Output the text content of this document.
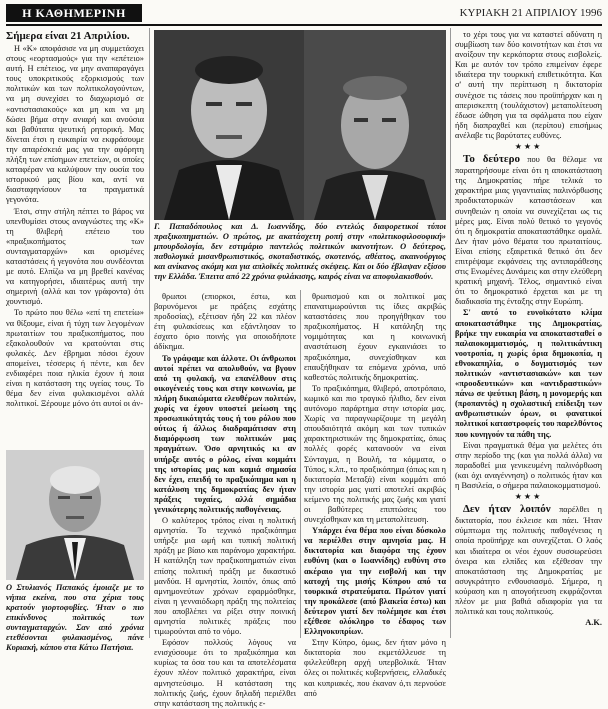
Η ΚΑΘΗΜΕΡΙΝΗ	ΚΥΡΙΑΚΗ 21 ΑΠΡΙΛΙΟΥ 1996

Σήμερα είναι 21 Απριλίου.

Η «Κ» αποφάσισε να μη συμμετάσχει στους «εορτασμούς» για την «επέτειο» αυτή. Η επέτειος, να μην αναπαραγάγει τους υποκριτικούς εξορκισμούς των πολιτικών και των πολιτικολογούντων, να μη συνεχίσει το διαχωρισμό σε «αντιστασιακούς» και μη και να μη δώσει βήμα στην ανιαρή και ανούσια και βαθύτατα ψευτική ρητορική. Μας δίνεται έτσι η ευκαιρία να εκφράσουμε την απαρέσκειά μας για την αφόρητη πλήξη των επίσημων επετείων, οι οποίες καταφέραν να καλύψουν την ουσία του ιστορικού μας βίου και, αντί να διασταφηνίσουν τα πραγματικά γεγονότα.

Έτσι, στην στήλη πέπτει το βάρος να υπενθυμίσει στους αναγνώστες της «Κ» τη θλιβερή επέτειο του «πραξικοπήματος των συνταγματαρχών» και ορισμένες καταστάσεις ή γεγονότα που συνδέονται με αυτό. Ελπίζω να μη βρεθεί κανένας να κατηγορήσει, ιδιαιτέρως αυτή την σημερινή (αλλά και τον γράφοντα) ότι χουντισμό.

Το πρώτο που θέλω «επί τη επετείω» να θίξουμε, είναι ή τύχη των λεγομένων πρωταιτίων του πραξικοπήματος, που εξακολουθούν να κρατούνται στις φυλακές. Δεν έβρημαι πόσοι έχουν απομείνει, τέσσερις ή πέντε, και δεν ενδιαφέρει ποια ηλικία έχουν ή ποια είναι η κατάσταση της υγείας τους. Το θέμα δεν είναι φυλακισμένοι αλλά πολιτικοί. Ξέρουμε μόνο ότι αυτοί οι άν-

Ο Στυλιανός Παπακός έμοιαζε με το νήπια εκείνα, που στα χέρια τους κρατούν γιορτοφυβίες. Ήταν ο πιο επικίνδυνος πολιτικός των συνταγματαρχών. Σαν από χρόνια ετεθέσονται φυλακισμένος, πάνε Κυριακή, κάπου στα Κάτω Πατήσια.
Γ. Παπαδόπουλος και Δ. Ιωαννίδης, δύο εντελώς διαφορετικοί τύποι πραξικοπηματιών. Ο πρώτος, με ακατάσχετη ροπή στην «πολιτικοφιλοσοφική» μπουρδολογία, δεν εστιμάριο παντελώς πολιτικών ικανοτήτων. Ο δεύτερος, παθολογικά μισανθρωπιστικός, σκοταδιστικός, σκοτεινός, αθέατος, ακαινούργιος και ανίκανος ακόμη και για απλοϊκές πολιτικές σκέψεις. Και οι δύο έβλαψαν εξίσου την Ελλάδα. Έπειτα από 22 χρόνια φυλάκισης, καιρός είναι να αποφυλακισθούν.

θρωποι (επιορκοι, έστω, και βαρυνόμενοι με πράξεις εσχάτης προδοσίας), εξέτισαν ήδη 22 και πλέον έτη φυλακίσεως και εξάντλησαν το έσχατο όριο ποινής για οποιοδήποτε άδίκημα.

Το γράφαμε και άλλοτε. Οι άνθρωποι αυτοί πρέπει να απολυθούν, να βγουν από τη φυλακή, να επανέλθουν στις οικογένειές τους και στην κοινωνία, με πλήρη δικαιώματα ελευθέρων πολιτών, χωρίς να έχουν υποστεί μείωση της προσωπικότητάς τους ή του ρόλου που ούτως ή άλλως διαδραμάτισαν στη διαμόρφωση των πολιτικών μας πραγμάτων. Όσο αρνητικός κι αν υπήρξε αυτός ο ρόλος, είναι κομμάτι της ιστορίας μας και καμιά σημασία δεν έχει, επειδή το πραξικόπημα και η κατάλυση της δημοκρατίας δεν ήταν πράξεις τυχαίες, αλλά σημάδια γενικότερης πολιτικής παθογένειας.

Ο καλύτερος τρόπος είναι η πολιτική αμνηστία. Το τεχνικό πραξικόπημα υπήρξε μια ωμή και τυπική πολιτική πράξη με βίαιο και παράνομο χαρακτήρα. Η κατάληξη των πραξικοπηματιών είναι επίσης πολιτική πράξη με δικαστικό μανδύα. Η αμνηστία, λοιπόν, όπως από αμνημονεύτων χρόνων εφαρμόσθηκε, είναι η γενναιόδωρη πράξη της πολιτείας που αποβλέπει να ρίξει στην ποινική αμνηστία πολιτικές πράξεις που τιμωρούνται από το νόμο.

Εφόσον πολλούς λόγους να ενισχύσουμε ότι το πραξικόπημα και κυρίως τα όσα του και τα αποτελέσματα έχουν πλέον πολιτικό χαρακτήρα, είναι αμνηστεύσιμο. Η κατάσταση της πολιτικής ζωής, έχουν δηλαδή περιέλθει στην κατάσταση της πολιτικής ε-

θρωπισμού και οι πολιτικοί μας επανατιμωρούνται τις ίδιες ακριβώς καταστάσεις που προηγήθηκαν του πραξικοπήματος. Η κατάληξη της νομιμότητας και η κοινωνική αναστάτωση έχουν εγκαινιάσει το πραξικόπημα, συνεχίσθηκαν και επαυξήθηκαν τα επόμενα χρόνια, υπό καθεστώς πολιτικής δημοκρατίας.

Το πραξικόπημα, θλιβερό, αποτρόπαιο, κωμικό και πιο τραγικό ήλιθιο, δεν είναι αυτόνομο παράρτημα στην ιστορία μας. Χωρίς να παραγνωρίζουμε τη μεγάλη σπουδαιότητά ακόμη και των τυπικών χαρακτηριστικών της δημοκρατίας, όπως πολλές φορές κατανοούν να είναι Σύνταγμα, η Βουλή, τα κόμματα, ο Τύπος, κ.λπ., το πραξικόπημα (όπως και η δικτατορία Μεταξά) είναι κομμάτι από την ιστορία μας γιατί αποτελεί ακριβώς κείμενο της πολιτικής μας ζωής και γιατί οι βαθύτερες επιπτώσεις του συνεχίσθηκαν και τη μεταπολίτευση.

Υπάρχει ένα θέμα που είναι δύσκολο να περιέλθει στην αμνησία μας. Η δικτατορία και διαφόρα της έχουν ευθύνη (και ο Ιωαννίδης) ευθύνη στο ακέραιο για την εισβολή και την κατοχή της μισής Κύπρου από τα τουρκικά στρατεύματα. Πρώτον γιατί την προκάλεσε (από βλακεία έστω) και δεύτερον γιατί δεν πολέμησε και έτσι εξέθεσε ολόκληρο το έδαφος των Ελληνοκυπρίων.

Στην Κύπρο, όμως, δεν ήταν μόνο η δικτατορία που εκμετάλλευσε τη φιλελεύθερη αρχή υπερβολικά. Ήταν όλες οι πολιτικές κυβερνήσεις, ελλαδικές και κυπριακές, που έκαναν ό,τι περνούσε από

το χέρι τους για να καταστεί αδύνατη η συμβίωση των δύο κοινοτήτων και έτσι να ανοίξουν την κερκόπορτα στους εισβολείς. Και με αυτόν τον τρόπο επιμείναν έφερε ιδιαίτερα την τουρκική επιθετικότητα. Και σ' αυτή την περίπτωση η δικτατορία συνέχισε τις τάσεις που προϋπήρχαν και η απερισκεπτη (τουλάχιστον) μεταπολίτευση έδωσε ώθηση για τα σφάλματα που είχαν ήδη διαπραχθεί και (περίπου) επισήμως ανέλαβε τις βαρύτατες ευθύνες.

★★★

Το δεύτερο που θα θέλαμε να παρατηρήσουμε είναι ότι η αποκατάσταση της Δημοκρατίας πήρε τελικά το χαρακτήρα μιας γιγαντιαίας παλινόρθωσης προδικτατορικών καταστάσεων και συνηθειών η οποία να συνεχίζεται ως τις μέρες μας. Είναι πολύ θετικό το γεγονός ότι η δημοκρατία αποκαταστάθηκε ομαλά. Δεν ήταν μόνο θέματα του πρωταιτίους. Είναι επίσης εξαιρετικά θετικό ότι δεν επιτρέψαμε εκφάνσεις της αντιπαράθεσης στις Ενωμένες Δυνάμεις και στην ελεύθερη κρατική μηχανή. Τέλος, σημαντικό είναι ότι το δημοκρατικό έρχεται και με τη διαδικασία της ένταξης στην Ευρώπη.

Σ' αυτό το ευνοϊκότατο κλίμα αποκαταστάθηκε της Δημοκρατίας, βρήκε την ευκαιρία να αποκατασταθεί ο παλαιοκομματισμός, η πολιτικάντικη νοοτροπία, η χωρίς όρια δημοκοπία, η εθνοκαπηλία, ο δογματισμός των πολιτικών «αντιστασιακών» και των «προοδευτικών» και «αντιδραστικών» πάνω σε ψεύτικη βάση, η μονομερής και (προπαντός) η σχολαστική επίδειξη των ανθρωπιστικών όρων, οι φανατικοί πολιτικοί καταστροφείς του παρελθόντος που κυνηγούν τα πάθη της.

Είναι πραγματικά θέμα για μελέτες ότι στην περίοδο της (και για πολλά άλλα) να παραδοθεί μια γενικευμένη παλινόρθωση (και όχι αναγέννηση) ο πολιτικός ήταν και η Βασιλεία, ο σήμερα παλαιοκομματισμού.

★★★

Δεν ήταν λοιπόν παρέλθει η δικτατορία, που έκλεισε και πάει. Ήταν σύμπτωμα της πολιτικής παθογένειας η οποία προϋπήρχε και συνεχίζεται. Ο λαός και ιδιαίτερα οι νέοι έχουν συσσωρεύσει όνειρα και ελπίδες και εξέθεσαν την αποκατάσταση της Δημοκρατίας με ασυγκράτητο ενθουσιασμό. Σήμερα, η κούραση και η απογοήτευση εκφράζονται πλέον με μια βαθιά αδιαφορία για τα πολιτικά και τους πολιτικούς.

Α.Κ.
